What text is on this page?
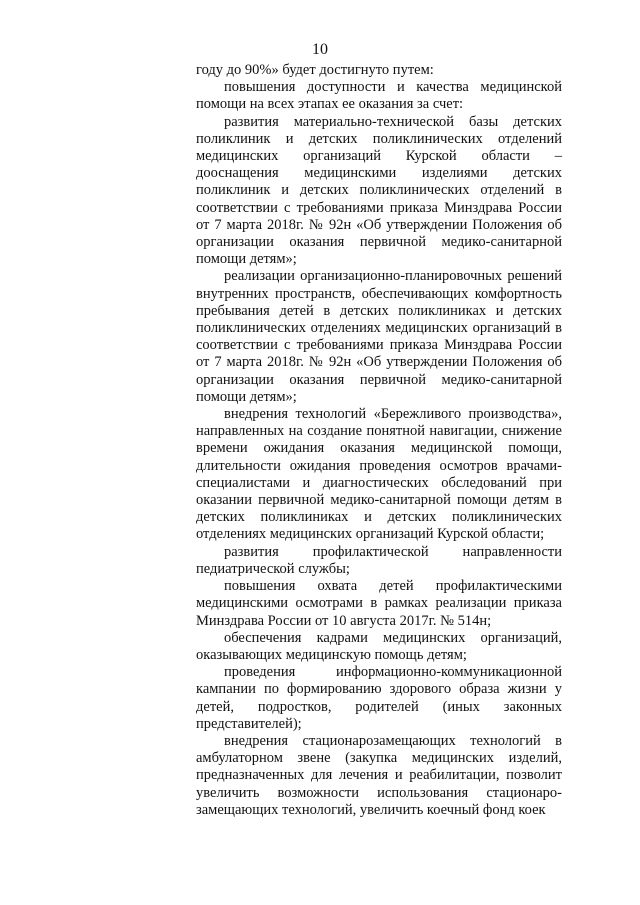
10

году до 90%» будет достигнуто путем:

повышения доступности и качества медицинской помощи на всех этапах ее оказания за счет:

развития материально-технической базы детских поликлиник и детских поликлинических отделений медицинских организаций Курской области – дооснащения медицинскими изделиями детских поликлиник и детских поликлинических отделений в соответствии с требованиями приказа Минздрава России от 7 марта 2018г. № 92н «Об утверждении Положения об организации оказания первичной медико-санитарной помощи детям»;

реализации организационно-планировочных решений внутренних пространств, обеспечивающих комфортность пребывания детей в детских поликлиниках и детских поликлинических отделениях медицинских организаций в соответствии с требованиями приказа Минздрава России от 7 марта 2018г. № 92н «Об утверждении Положения об организации оказания первичной медико-санитарной помощи детям»;

внедрения технологий «Бережливого производства», направленных на создание понятной навигации, снижение времени ожидания оказания медицинской помощи, длительности ожидания проведения осмотров врачами-специалистами и диагностических обследований при оказании первичной медико-санитарной помощи детям в детских поликлиниках и детских поликлинических отделениях медицинских организаций Курской области;

развития профилактической направленности педиатрической службы;

повышения охвата детей профилактическими медицинскими осмотрами в рамках реализации приказа Минздрава России от 10 августа 2017г. № 514н;

обеспечения кадрами медицинских организаций, оказывающих медицинскую помощь детям;

проведения информационно-коммуникационной кампании по формированию здорового образа жизни у детей, подростков, родителей (иных законных представителей);

внедрения стационарозамещающих технологий в амбулаторном звене (закупка медицинских изделий, предназначенных для лечения и реабилитации, позволит увеличить возможности использования стационаро-замещающих технологий, увеличить коечный фонд коек
